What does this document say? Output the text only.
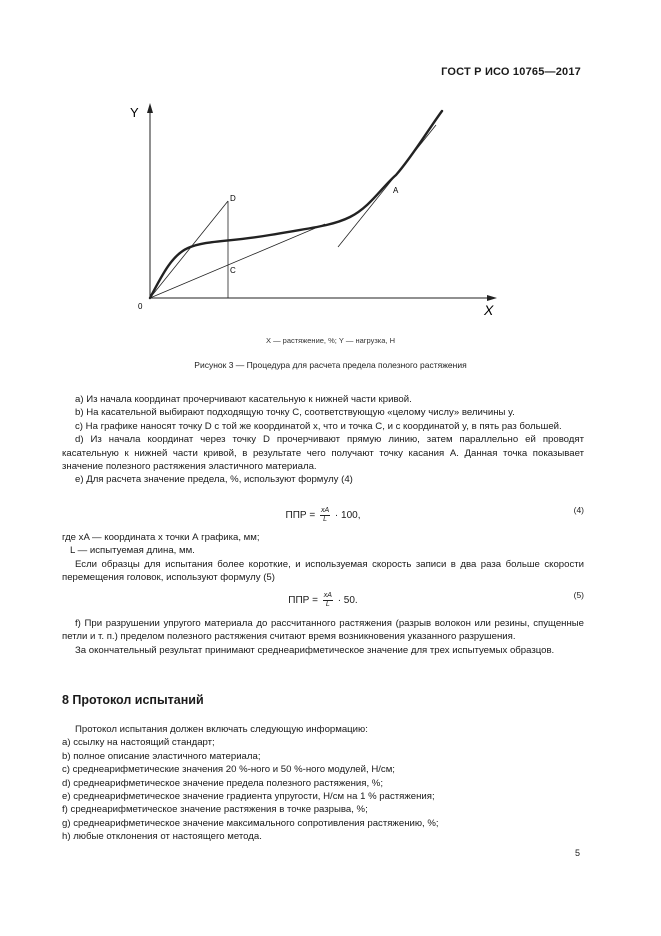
ГОСТ Р ИСО 10765—2017
Y
X
0
D
C
A
X — растяжение, %; Y — нагрузка, Н
Рисунок 3 — Процедура для расчета предела полезного растяжения

а) Из начала координат прочерчивают касательную к нижней части кривой.

b) На касательной выбирают подходящую точку С, соответствующую «целому числу» величины y.

с) На графике наносят точку D с той же координатой x, что и точка С, и с координатой y, в пять раз большей.

d) Из начала координат через точку D прочерчивают прямую линию, затем параллельно ей проводят касательную к нижней части кривой, в результате чего получают точку касания А. Данная точка показывает значение полезного растяжения эластичного материала.

е) Для расчета значение предела, %, используют формулу (4)

ППР = $\frac{xA}{L} \cdot 100$,
(4)

где xA — координата x точки А графика, мм;

L — испытуемая длина, мм.

Если образцы для испытания более короткие, и используемая скорость записи в два раза больше скорости перемещения головок, используют формулу (5)

ППР = $\frac{xA}{L} \cdot 50$.
(5)

f) При разрушении упругого материала до рассчитанного растяжения (разрыв волокон или резины, спущенные петли и т. п.) пределом полезного растяжения считают время возникновения указанного разрушения.

За окончательный результат принимают среднеарифметическое значение для трех испытуемых образцов.

8 Протокол испытаний

Протокол испытания должен включать следующую информацию:

а) ссылку на настоящий стандарт;

b) полное описание эластичного материала;

с) среднеарифметические значения 20 %-ного и 50 %-ного модулей, Н/см;

d) среднеарифметическое значение предела полезного растяжения, %;

е) среднеарифметическое значение градиента упругости, Н/см на 1 % растяжения;

f) среднеарифметическое значение растяжения в точке разрыва, %;

g) среднеарифметическое значение максимального сопротивления растяжению, %;

h) любые отклонения от настоящего метода.

5
